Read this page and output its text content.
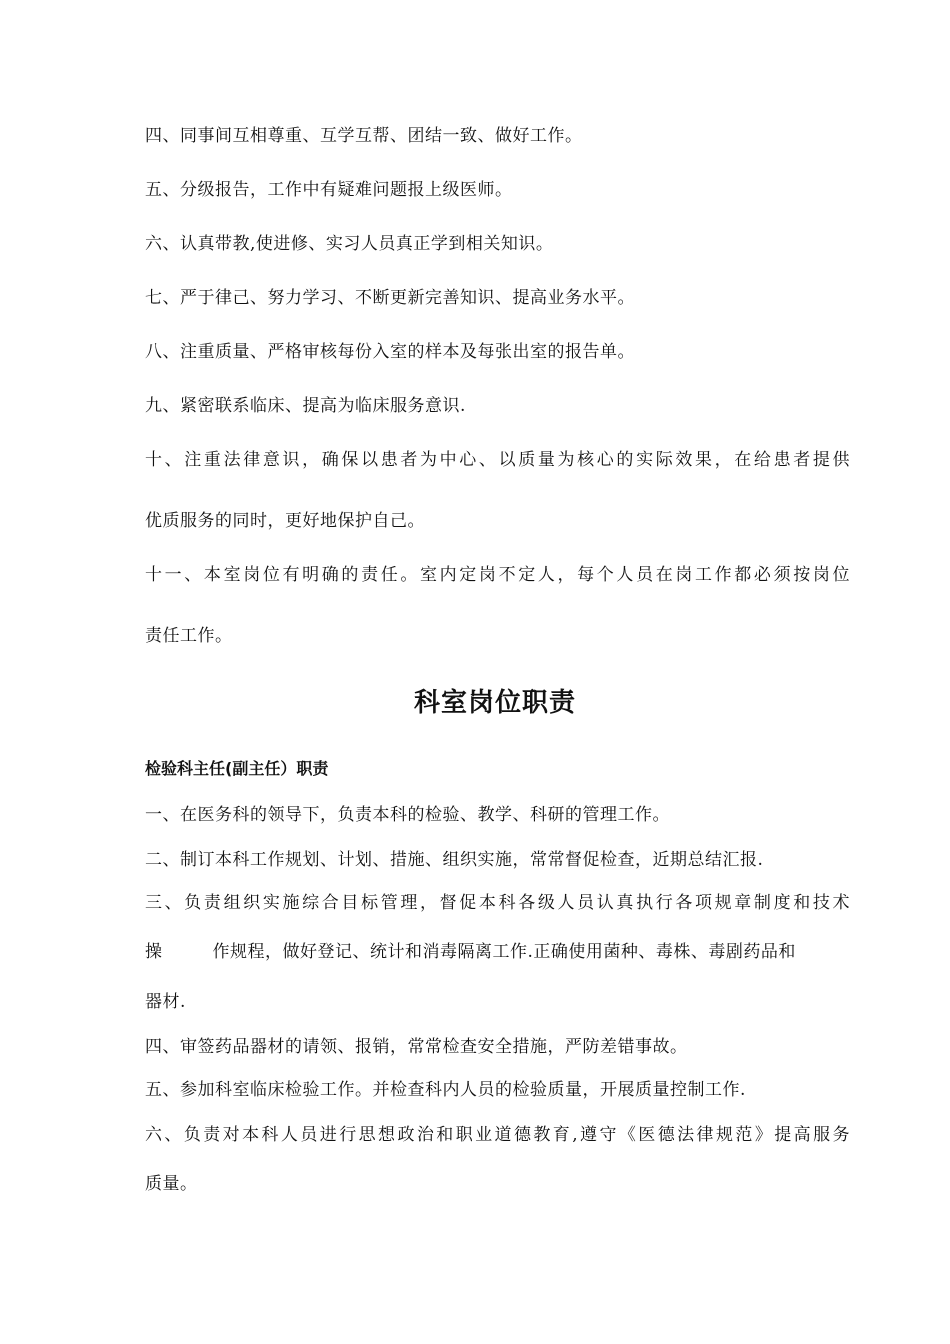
四、同事间互相尊重、互学互帮、团结一致、做好工作。
五、分级报告，工作中有疑难问题报上级医师。
六、认真带教,使进修、实习人员真正学到相关知识。
七、严于律己、努力学习、不断更新完善知识、提高业务水平。
八、注重质量、严格审核每份入室的样本及每张出室的报告单。
九、紧密联系临床、提高为临床服务意识.
十、注重法律意识，确保以患者为中心、以质量为核心的实际效果，在给患者提供
优质服务的同时，更好地保护自己。
十一、本室岗位有明确的责任。室内定岗不定人，每个人员在岗工作都必须按岗位
责任工作。
科室岗位职责
检验科主任(副主任）职责
一、在医务科的领导下，负责本科的检验、教学、科研的管理工作。
二、制订本科工作规划、计划、措施、组织实施，常常督促检查，近期总结汇报.
三、负责组织实施综合目标管理，督促本科各级人员认真执行各项规章制度和技术
操	作规程，做好登记、统计和消毒隔离工作.正确使用菌种、毒株、毒剧药品和
器材.
四、审签药品器材的请领、报销，常常检查安全措施，严防差错事故。
五、参加科室临床检验工作。并检查科内人员的检验质量，开展质量控制工作.
六、负责对本科人员进行思想政治和职业道德教育,遵守《医德法律规范》提高服务
质量。
